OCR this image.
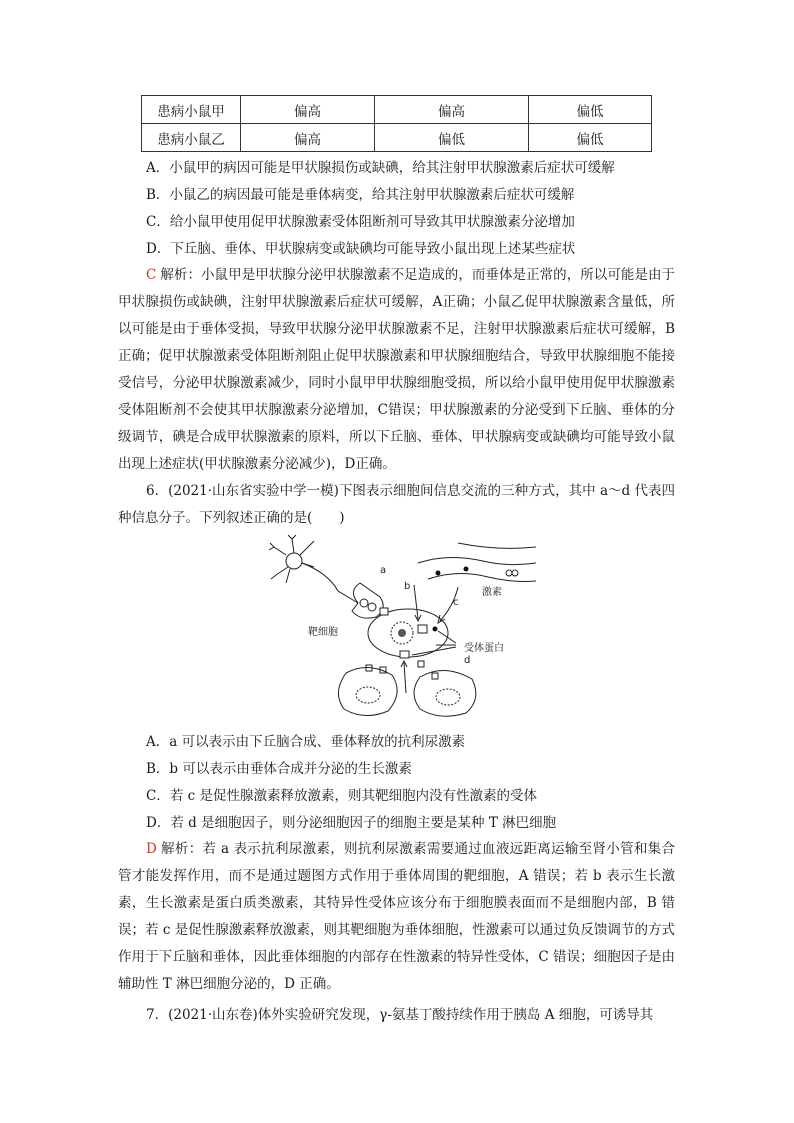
患病小鼠甲	偏高	偏高	偏低
患病小鼠乙	偏高	偏低	偏低
A．小鼠甲的病因可能是甲状腺损伤或缺碘，给其注射甲状腺激素后症状可缓解
B．小鼠乙的病因最可能是垂体病变，给其注射甲状腺激素后症状可缓解
C．给小鼠甲使用促甲状腺激素受体阻断剂可导致其甲状腺激素分泌增加
D．下丘脑、垂体、甲状腺病变或缺碘均可能导致小鼠出现上述某些症状
C 解析：小鼠甲是甲状腺分泌甲状腺激素不足造成的，而垂体是正常的，所以可能是由于甲状腺损伤或缺碘，注射甲状腺激素后症状可缓解，A正确；小鼠乙促甲状腺激素含量低，所以可能是由于垂体受损，导致甲状腺分泌甲状腺激素不足，注射甲状腺激素后症状可缓解，B正确；促甲状腺激素受体阻断剂阻止促甲状腺激素和甲状腺细胞结合，导致甲状腺细胞不能接受信号，分泌甲状腺激素减少，同时小鼠甲甲状腺细胞受损，所以给小鼠甲使用促甲状腺激素受体阻断剂不会使其甲状腺激素分泌增加，C错误；甲状腺激素的分泌受到下丘脑、垂体的分级调节，碘是合成甲状腺激素的原料，所以下丘脑、垂体、甲状腺病变或缺碘均可能导致小鼠出现上述症状(甲状腺激素分泌减少)，D正确。
6．(2021·山东省实验中学一模)下图表示细胞间信息交流的三种方式，其中 a～d 代表四种信息分子。下列叙述正确的是(　　)
a
b
c
d
激素
靶细胞
受体蛋白
A．a 可以表示由下丘脑合成、垂体释放的抗利尿激素
B．b 可以表示由垂体合成并分泌的生长激素
C．若 c 是促性腺激素释放激素，则其靶细胞内没有性激素的受体
D．若 d 是细胞因子，则分泌细胞因子的细胞主要是某种 T 淋巴细胞
D 解析：若 a 表示抗利尿激素，则抗利尿激素需要通过血液远距离运输至肾小管和集合管才能发挥作用，而不是通过题图方式作用于垂体周围的靶细胞，A 错误；若 b 表示生长激素，生长激素是蛋白质类激素，其特异性受体应该分布于细胞膜表面而不是细胞内部，B 错误；若 c 是促性腺激素释放激素，则其靶细胞为垂体细胞，性激素可以通过负反馈调节的方式作用于下丘脑和垂体，因此垂体细胞的内部存在性激素的特异性受体，C 错误；细胞因子是由辅助性 T 淋巴细胞分泌的，D 正确。
7．(2021·山东卷)体外实验研究发现，γ-氨基丁酸持续作用于胰岛 A 细胞，可诱导其
